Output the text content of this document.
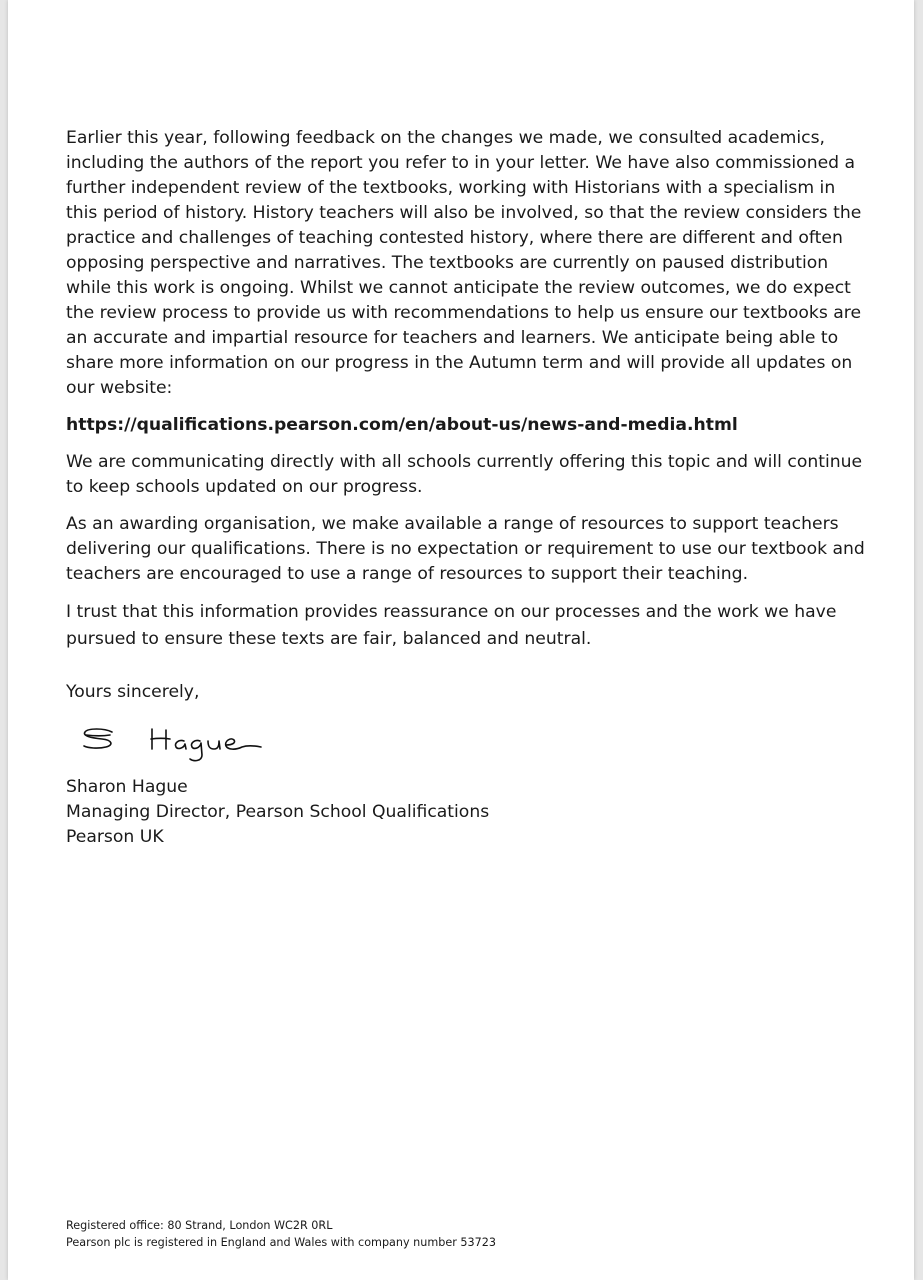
Earlier this year, following feedback on the changes we made, we consulted academics, including the authors of the report you refer to in your letter. We have also commissioned a further independent review of the textbooks, working with Historians with a specialism in this period of history. History teachers will also be involved, so that the review considers the practice and challenges of teaching contested history, where there are different and often opposing perspective and narratives. The textbooks are currently on paused distribution while this work is ongoing. Whilst we cannot anticipate the review outcomes, we do expect the review process to provide us with recommendations to help us ensure our textbooks are an accurate and impartial resource for teachers and learners. We anticipate being able to share more information on our progress in the Autumn term and will provide all updates on our website:

https://qualifications.pearson.com/en/about-us/news-and-media.html

We are communicating directly with all schools currently offering this topic and will continue to keep schools updated on our progress.

As an awarding organisation, we make available a range of resources to support teachers delivering our qualifications. There is no expectation or requirement to use our textbook and teachers are encouraged to use a range of resources to support their teaching.

I trust that this information provides reassurance on our processes and the work we have pursued to ensure these texts are fair, balanced and neutral.

Yours sincerely,

Sharon Hague

Managing Director, Pearson School Qualifications

Pearson UK

Registered office: 80 Strand, London WC2R 0RL
Pearson plc is registered in England and Wales with company number 53723
